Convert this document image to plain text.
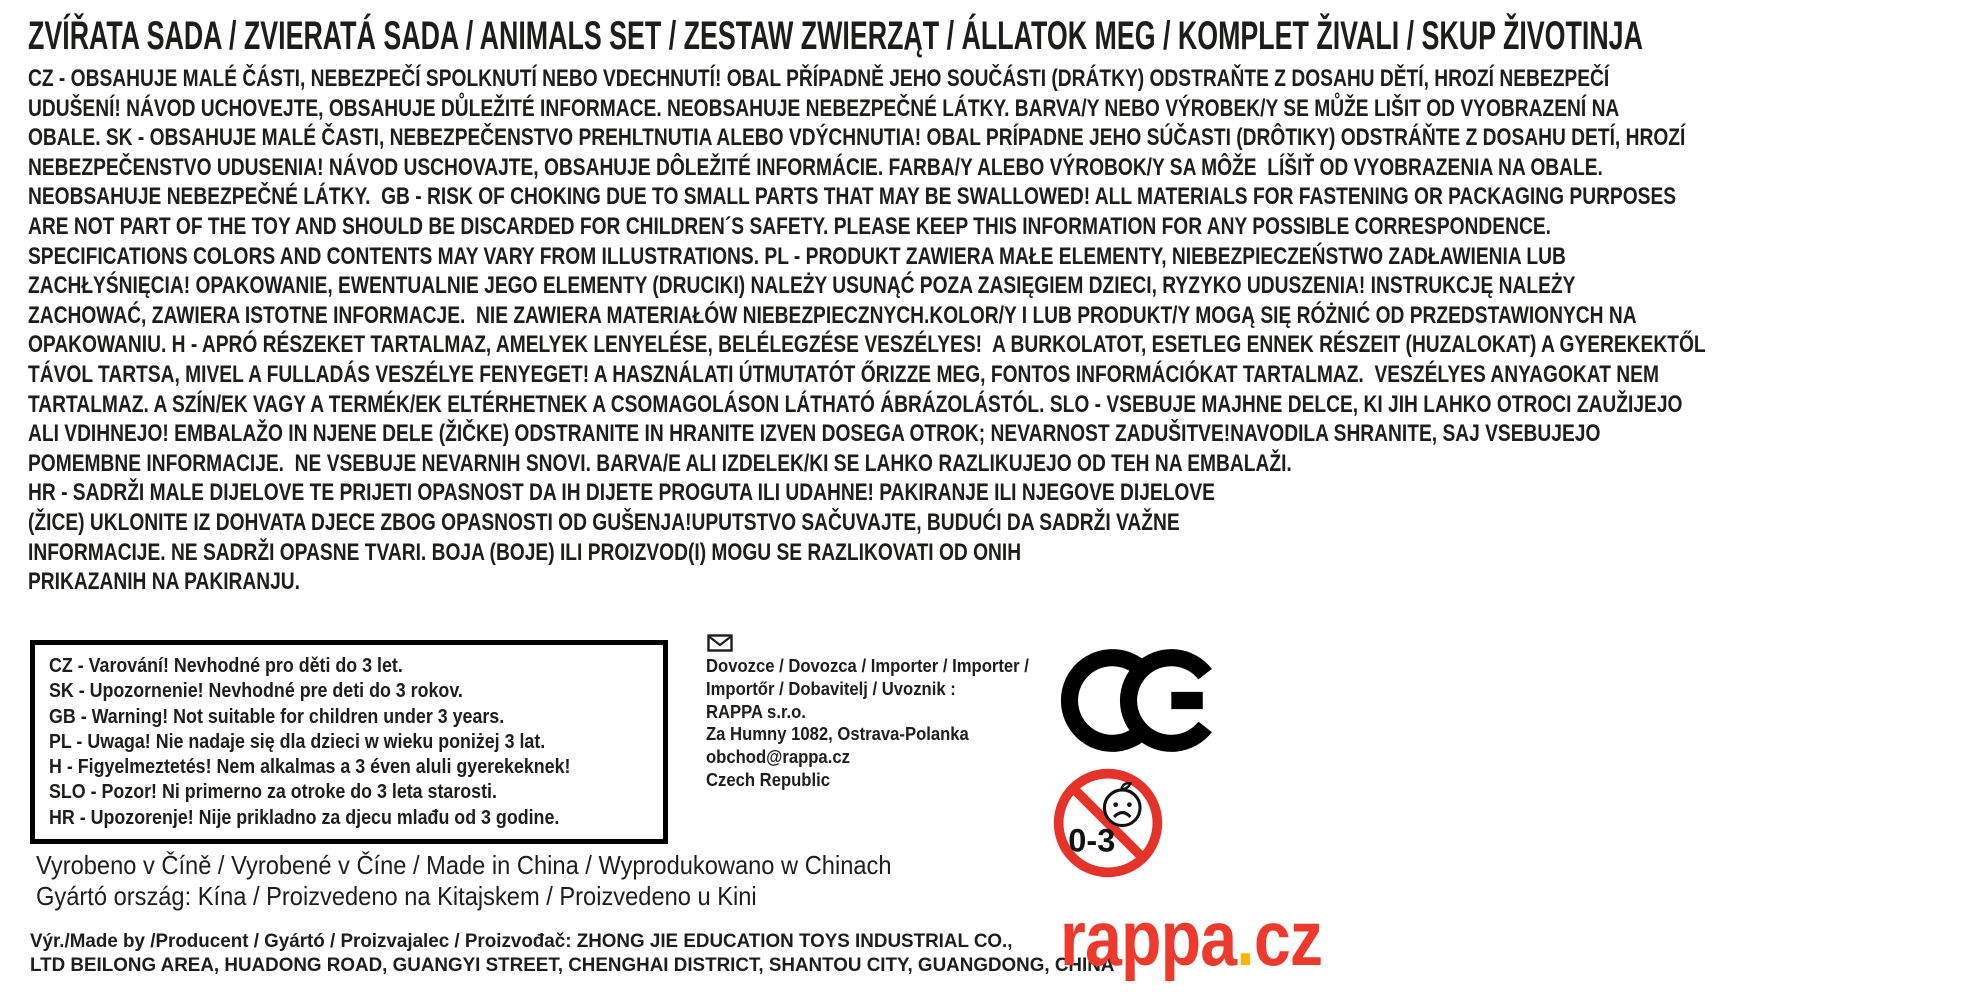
ZVÍŘATA SADA / ZVIERATÁ SADA / ANIMALS SET / ZESTAW ZWIERZĄT / ÁLLATOK MEG / KOMPLET ŽIVALI / SKUP ŽIVOTINJA
CZ - OBSAHUJE MALÉ ČÁSTI, NEBEZPEČÍ SPOLKNUTÍ NEBO VDECHNUTÍ! OBAL PŘÍPADNĚ JEHO SOUČÁSTI (DRÁTKY) ODSTRAŇTE Z DOSAHU DĚTÍ, HROZÍ NEBEZPEČÍ
UDUŠENÍ! NÁVOD UCHOVEJTE, OBSAHUJE DŮLEŽITÉ INFORMACE. NEOBSAHUJE NEBEZPEČNÉ LÁTKY. BARVA/Y NEBO VÝROBEK/Y SE MŮŽE LIŠIT OD VYOBRAZENÍ NA
OBALE. SK - OBSAHUJE MALÉ ČASTI, NEBEZPEČENSTVO PREHLTNUTIA ALEBO VDÝCHNUTIA! OBAL PRÍPADNE JEHO SÚČASTI (DRÔTIKY) ODSTRÁŇTE Z DOSAHU DETÍ, HROZÍ
NEBEZPEČENSTVO UDUSENIA! NÁVOD USCHOVAJTE, OBSAHUJE DÔLEŽITÉ INFORMÁCIE. FARBA/Y ALEBO VÝROBOK/Y SA MÔŽE  LÍŠIŤ OD VYOBRAZENIA NA OBALE.
NEOBSAHUJE NEBEZPEČNÉ LÁTKY.  GB - RISK OF CHOKING DUE TO SMALL PARTS THAT MAY BE SWALLOWED! ALL MATERIALS FOR FASTENING OR PACKAGING PURPOSES
ARE NOT PART OF THE TOY AND SHOULD BE DISCARDED FOR CHILDREN´S SAFETY. PLEASE KEEP THIS INFORMATION FOR ANY POSSIBLE CORRESPONDENCE.
SPECIFICATIONS COLORS AND CONTENTS MAY VARY FROM ILLUSTRATIONS. PL - PRODUKT ZAWIERA MAŁE ELEMENTY, NIEBEZPIECZEŃSTWO ZADŁAWIENIA LUB
ZACHŁYŚNIĘCIA! OPAKOWANIE, EWENTUALNIE JEGO ELEMENTY (DRUCIKI) NALEŻY USUNĄĆ POZA ZASIĘGIEM DZIECI, RYZYKO UDUSZENIA! INSTRUKCJĘ NALEŻY
ZACHOWAĆ, ZAWIERA ISTOTNE INFORMACJE.  NIE ZAWIERA MATERIAŁÓW NIEBEZPIECZNYCH.KOLOR/Y I LUB PRODUKT/Y MOGĄ SIĘ RÓŻNIĆ OD PRZEDSTAWIONYCH NA
OPAKOWANIU. H - APRÓ RÉSZEKET TARTALMAZ, AMELYEK LENYELÉSE, BELÉLEGZÉSE VESZÉLYES!  A BURKOLATOT, ESETLEG ENNEK RÉSZEIT (HUZALOKAT) A GYEREKEKTŐL
TÁVOL TARTSA, MIVEL A FULLADÁS VESZÉLYE FENYEGET! A HASZNÁLATI ÚTMUTATÓT ŐRIZZE MEG, FONTOS INFORMÁCIÓKAT TARTALMAZ.  VESZÉLYES ANYAGOKAT NEM
TARTALMAZ. A SZÍN/EK VAGY A TERMÉK/EK ELTÉRHETNEK A CSOMAGOLÁSON LÁTHATÓ ÁBRÁZOLÁSTÓL. SLO - VSEBUJE MAJHNE DELCE, KI JIH LAHKO OTROCI ZAUŽIJEJO
ALI VDIHNEJO! EMBALAŽO IN NJENE DELE (ŽIČKE) ODSTRANITE IN HRANITE IZVEN DOSEGA OTROK; NEVARNOST ZADUŠITVE!NAVODILA SHRANITE, SAJ VSEBUJEJO
POMEMBNE INFORMACIJE.  NE VSEBUJE NEVARNIH SNOVI. BARVA/E ALI IZDELEK/KI SE LAHKO RAZLIKUJEJO OD TEH NA EMBALAŽI.
HR - SADRŽI MALE DIJELOVE TE PRIJETI OPASNOST DA IH DIJETE PROGUTA ILI UDAHNE! PAKIRANJE ILI NJEGOVE DIJELOVE
(ŽICE) UKLONITE IZ DOHVATA DJECE ZBOG OPASNOSTI OD GUŠENJA!UPUTSTVO SAČUVAJTE, BUDUĆI DA SADRŽI VAŽNE
INFORMACIJE. NE SADRŽI OPASNE TVARI. BOJA (BOJE) ILI PROIZVOD(I) MOGU SE RAZLIKOVATI OD ONIH
PRIKAZANIH NA PAKIRANJU.
CZ - Varování! Nevhodné pro děti do 3 let.
SK - Upozornenie! Nevhodné pre deti do 3 rokov.
GB - Warning! Not suitable for children under 3 years.
PL - Uwaga! Nie nadaje się dla dzieci w wieku poniżej 3 lat.
H - Figyelmeztetés! Nem alkalmas a 3 éven aluli gyerekeknek!
SLO - Pozor! Ni primerno za otroke do 3 leta starosti.
HR - Upozorenje! Nije prikladno za djecu mlađu od 3 godine.
Dovozce / Dovozca / Importer / Importer /
Importőr / Dobavitelj / Uvoznik :
RAPPA s.r.o.
Za Humny 1082, Ostrava-Polanka
obchod@rappa.cz
Czech Republic
0-3
Vyrobeno v Číně / Vyrobené v Číne / Made in China / Wyprodukowano w Chinach
Gyártó ország: Kína / Proizvedeno na Kitajskem / Proizvedeno u Kini
Výr./Made by /Producent / Gyártó / Proizvajalec / Proizvođač: ZHONG JIE EDUCATION TOYS INDUSTRIAL CO.,
LTD BEILONG AREA, HUADONG ROAD, GUANGYI STREET, CHENGHAI DISTRICT, SHANTOU CITY, GUANGDONG, CHINA
rappa.cz
